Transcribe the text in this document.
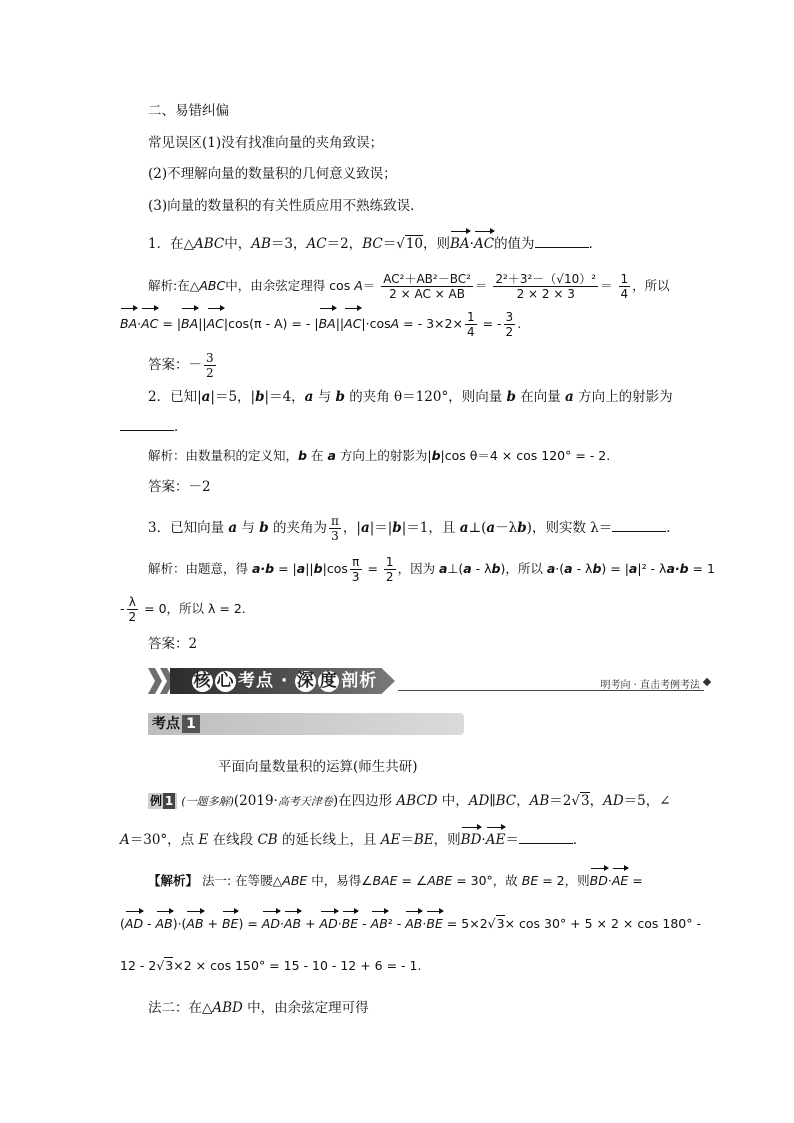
二、易错纠偏
常见误区(1)没有找准向量的夹角致误；
(2)不理解向量的数量积的几何意义致误；
(3)向量的数量积的有关性质应用不熟练致误．
1．在△ABC中，AB＝3，AC＝2，BC＝√10，则BA·AC的值为	．
解析:在△ABC中，由余弦定理得 $\cos A= \frac{\text{AC²＋AB²－BC²}}{2 \times AC \times AB} = \frac{\text{2²＋3²－（√10）²}}{2 \times 2 \times 3} = \frac{1}{4}$ ，所以
BA·AC = |BA||AC|cos(π - A) = - |BA||AC|·cosA = - $3\times 2\times \frac{1}{4}$ = - $\frac{3}{2}$ .
答案：－ $\frac{3}{2}$
2．已知|a|＝5，|b|＝4，a 与 b 的夹角 θ＝120°，则向量 b 在向量 a 方向上的射影为
．
解析：由数量积的定义知，b 在 a 方向上的射影为|b|cos θ＝4 × cos 120° = - 2.
答案：－2
3．已知向量 a 与 b 的夹角为 $\frac{\pi}{3}$ ，|a|＝|b|＝1，且 a⊥(a－λb)，则实数 λ＝	．
解析：由题意，得 $a\cdot b = |a||b|\cos \frac{\pi}{3} = \frac{1}{2}$ ，因为 a⊥(a - λb)，所以 a·(a - λb) = |a|² - λa·b = 1
- $\frac{\lambda}{2} = 0$，所以 λ = 2.
答案：2
核 心 考点 · 深 度 剖析	明考向 · 直击考例考法
考点 1
平面向量数量积的运算(师生共研)
例 1 (一题多解)(2019·高考天津卷)在四边形 ABCD 中，AD∥BC，AB＝2√3，AD＝5，∠
A＝30°，点 E 在线段 CB 的延长线上，且 AE＝BE，则BD·AE＝	．
【解析】 法一: 在等腰△ABE 中，易得∠BAE = ∠ABE = 30°，故 BE = 2，则BD·AE =
(AD - AB)·(AB + BE) = AD·AB + AD·BE - AB² - AB·BE = 5×2√3× cos 30° + 5 × 2 × cos 180° -
12 - 2√3×2 × cos 150° = 15 - 10 - 12 + 6 = - 1.
法二：在△ABD 中，由余弦定理可得
